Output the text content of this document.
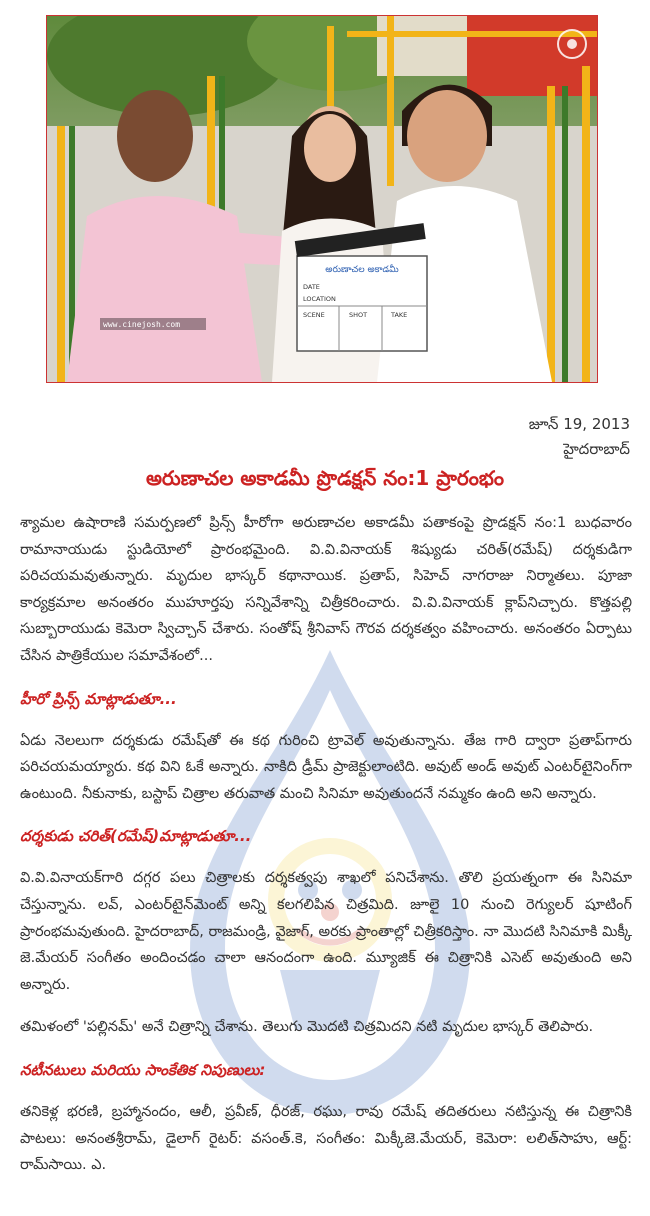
అరుణాచల అకాడమీ
DATE
LOCATION
SCENE	SHOT	TAKE
www.cinejosh.com
జూన్ 19, 2013
హైదరాబాద్
అరుణాచల అకాడమీ ప్రొడక్షన్ నం:1 ప్రారంభం

శ్యామల ఉషారాణి సమర్పణలో ప్రిన్స్ హీరోగా అరుణాచల అకాడమీ పతాకంపై ప్రొడక్షన్ నం:1 బుధవారం రామానాయుడు స్టుడియోలో ప్రారంభమైంది. వి.వి.వినాయక్ శిష్యుడు చరిత్(రమేష్) దర్శకుడిగా పరిచయమవుతున్నారు. మృదుల భాస్కర్ కథానాయిక. ప్రతాప్, సిహెచ్ నాగరాజు నిర్మాతలు. పూజా కార్యక్రమాల అనంతరం ముహూర్తపు సన్నివేశాన్ని చిత్రీకరించారు. వి.వి.వినాయక్ క్లాప్‌నిచ్చారు. కొత్తపల్లి సుబ్బారాయుడు కెమెరా స్విచ్చాన్ చేశారు. సంతోష్ శ్రీనివాస్ గౌరవ దర్శకత్వం వహించారు. అనంతరం ఏర్పాటు చేసిన పాత్రికేయుల సమావేశంలో...

హీరో ప్రిన్స్ మాట్లాడుతూ...

ఏడు నెలలుగా దర్శకుడు రమేష్‌తో ఈ కథ గురించి ట్రావెల్ అవుతున్నాను. తేజ గారి ద్వారా ప్రతాప్‌గారు పరిచయమయ్యారు. కథ విని ఓకే అన్నారు. నాకిది డ్రీమ్ ప్రాజెక్టులాంటిది. అవుట్ అండ్ అవుట్ ఎంటర్‌టైనింగ్‌గా ఉంటుంది. నీకునాకు, బస్టాప్ చిత్రాల తరువాత మంచి సినిమా అవుతుందనే నమ్మకం ఉంది అని అన్నారు.

దర్శకుడు చరిత్(రమేష్)మాట్లాడుతూ...

వి.వి.వినాయక్‌గారి దగ్గర పలు చిత్రాలకు దర్శకత్వపు శాఖలో పనిచేశాను. తొలి ప్రయత్నంగా ఈ సినిమా చేస్తున్నాను. లవ్, ఎంటర్‌టైన్‌మెంట్ అన్ని కలగలిపిన చిత్రమిది. జూలై 10 నుంచి రెగ్యులర్ షూటింగ్ ప్రారంభమవుతుంది. హైదరాబాద్, రాజమండ్రి, వైజాగ్, అరకు ప్రాంతాల్లో చిత్రీకరిస్తాం. నా మొదటి సినిమాకి మిక్కీ జె.మేయర్ సంగీతం అందించడం చాలా ఆనందంగా ఉంది. మ్యూజిక్ ఈ చిత్రానికి ఎసెట్ అవుతుంది అని అన్నారు.

తమిళంలో 'పల్లినమ్' అనే చిత్రాన్ని చేశాను. తెలుగు మొదటి చిత్రమిదని నటి మృదుల భాస్కర్ తెలిపారు.

నటీనటులు మరియు సాంకేతిక నిపుణులు:

తనికెళ్ల భరణి, బ్రహ్మానందం, ఆలీ, ప్రవీణ్, ధీరజ్, రఘు, రావు రమేష్ తదితరులు నటిస్తున్న ఈ చిత్రానికి పాటలు: అనంతశ్రీరామ్, డైలాగ్ రైటర్: వసంత్.కె, సంగీతం: మిక్కీజె.మేయర్, కెమెరా: లలిత్‌సాహు, ఆర్ట్: రామ్‌సాయి. ఎ.
